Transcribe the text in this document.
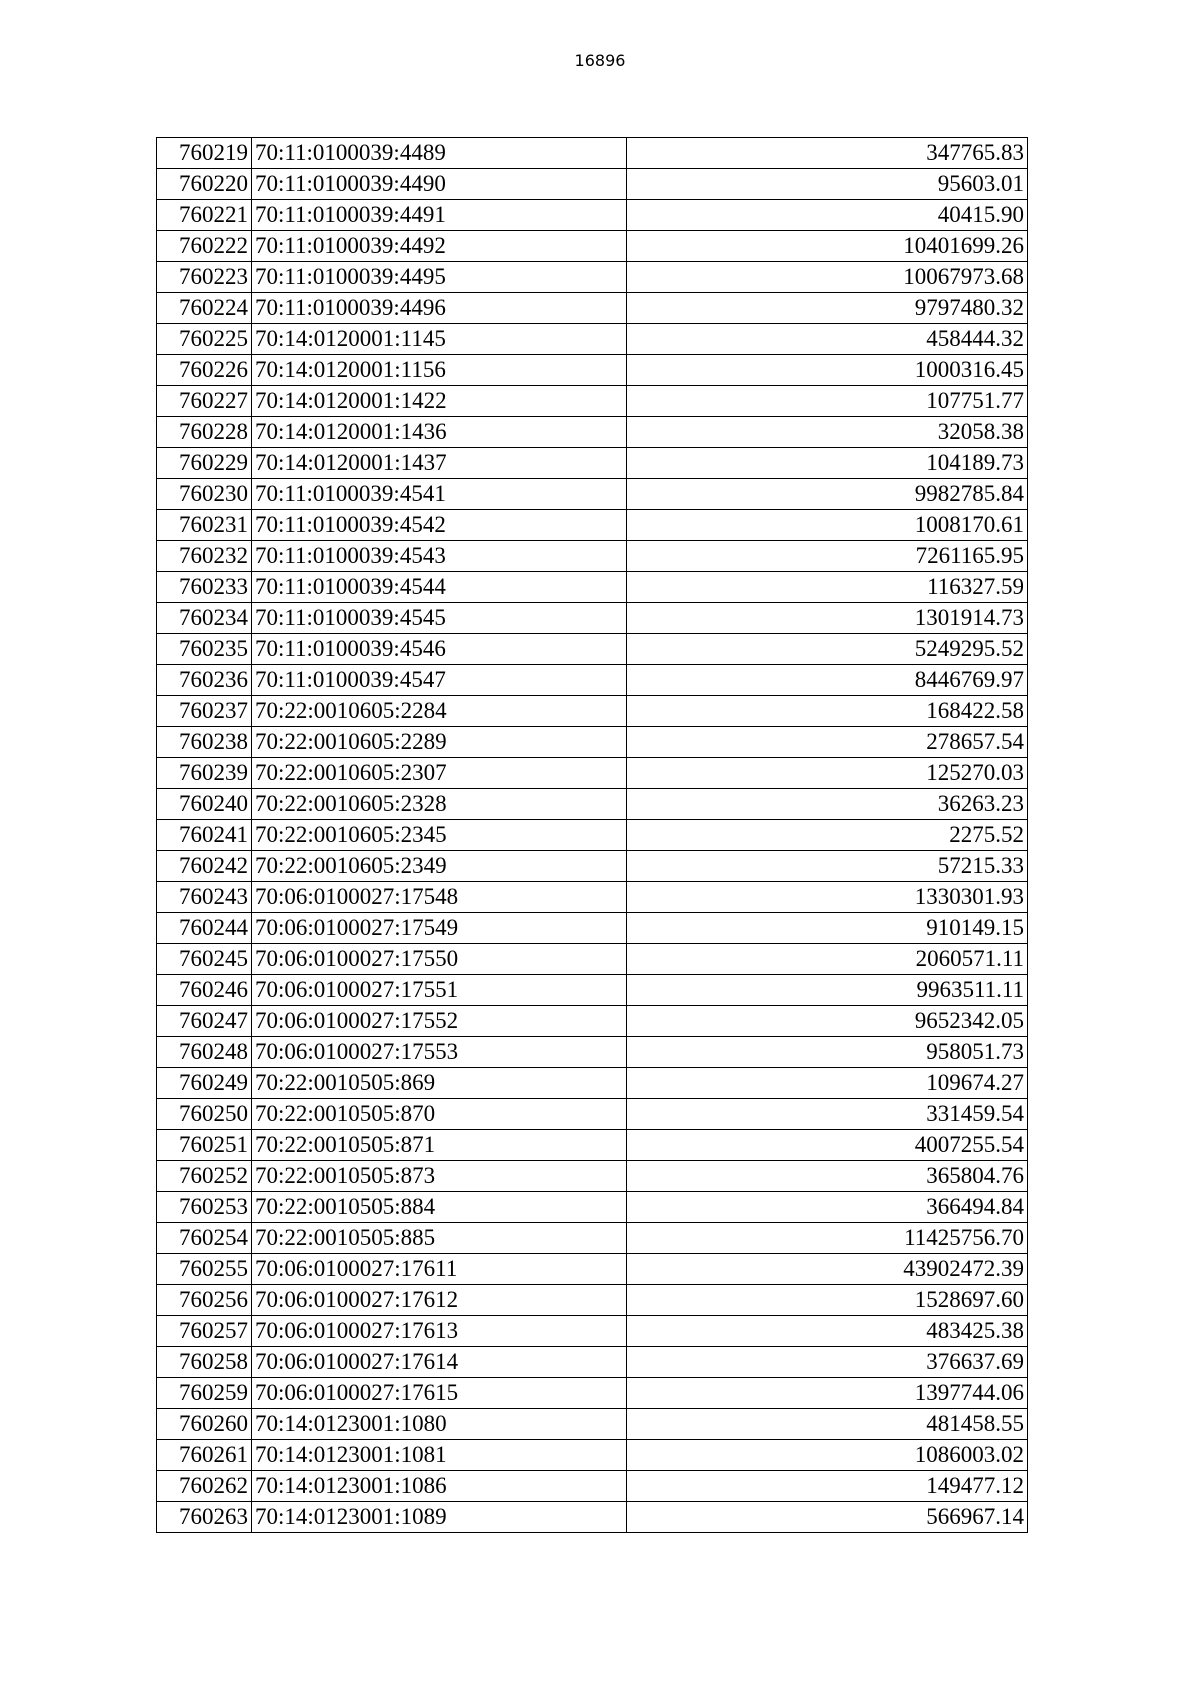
16896
760219	70:11:0100039:4489	347765.83
760220	70:11:0100039:4490	95603.01
760221	70:11:0100039:4491	40415.90
760222	70:11:0100039:4492	10401699.26
760223	70:11:0100039:4495	10067973.68
760224	70:11:0100039:4496	9797480.32
760225	70:14:0120001:1145	458444.32
760226	70:14:0120001:1156	1000316.45
760227	70:14:0120001:1422	107751.77
760228	70:14:0120001:1436	32058.38
760229	70:14:0120001:1437	104189.73
760230	70:11:0100039:4541	9982785.84
760231	70:11:0100039:4542	1008170.61
760232	70:11:0100039:4543	7261165.95
760233	70:11:0100039:4544	116327.59
760234	70:11:0100039:4545	1301914.73
760235	70:11:0100039:4546	5249295.52
760236	70:11:0100039:4547	8446769.97
760237	70:22:0010605:2284	168422.58
760238	70:22:0010605:2289	278657.54
760239	70:22:0010605:2307	125270.03
760240	70:22:0010605:2328	36263.23
760241	70:22:0010605:2345	2275.52
760242	70:22:0010605:2349	57215.33
760243	70:06:0100027:17548	1330301.93
760244	70:06:0100027:17549	910149.15
760245	70:06:0100027:17550	2060571.11
760246	70:06:0100027:17551	9963511.11
760247	70:06:0100027:17552	9652342.05
760248	70:06:0100027:17553	958051.73
760249	70:22:0010505:869	109674.27
760250	70:22:0010505:870	331459.54
760251	70:22:0010505:871	4007255.54
760252	70:22:0010505:873	365804.76
760253	70:22:0010505:884	366494.84
760254	70:22:0010505:885	11425756.70
760255	70:06:0100027:17611	43902472.39
760256	70:06:0100027:17612	1528697.60
760257	70:06:0100027:17613	483425.38
760258	70:06:0100027:17614	376637.69
760259	70:06:0100027:17615	1397744.06
760260	70:14:0123001:1080	481458.55
760261	70:14:0123001:1081	1086003.02
760262	70:14:0123001:1086	149477.12
760263	70:14:0123001:1089	566967.14
